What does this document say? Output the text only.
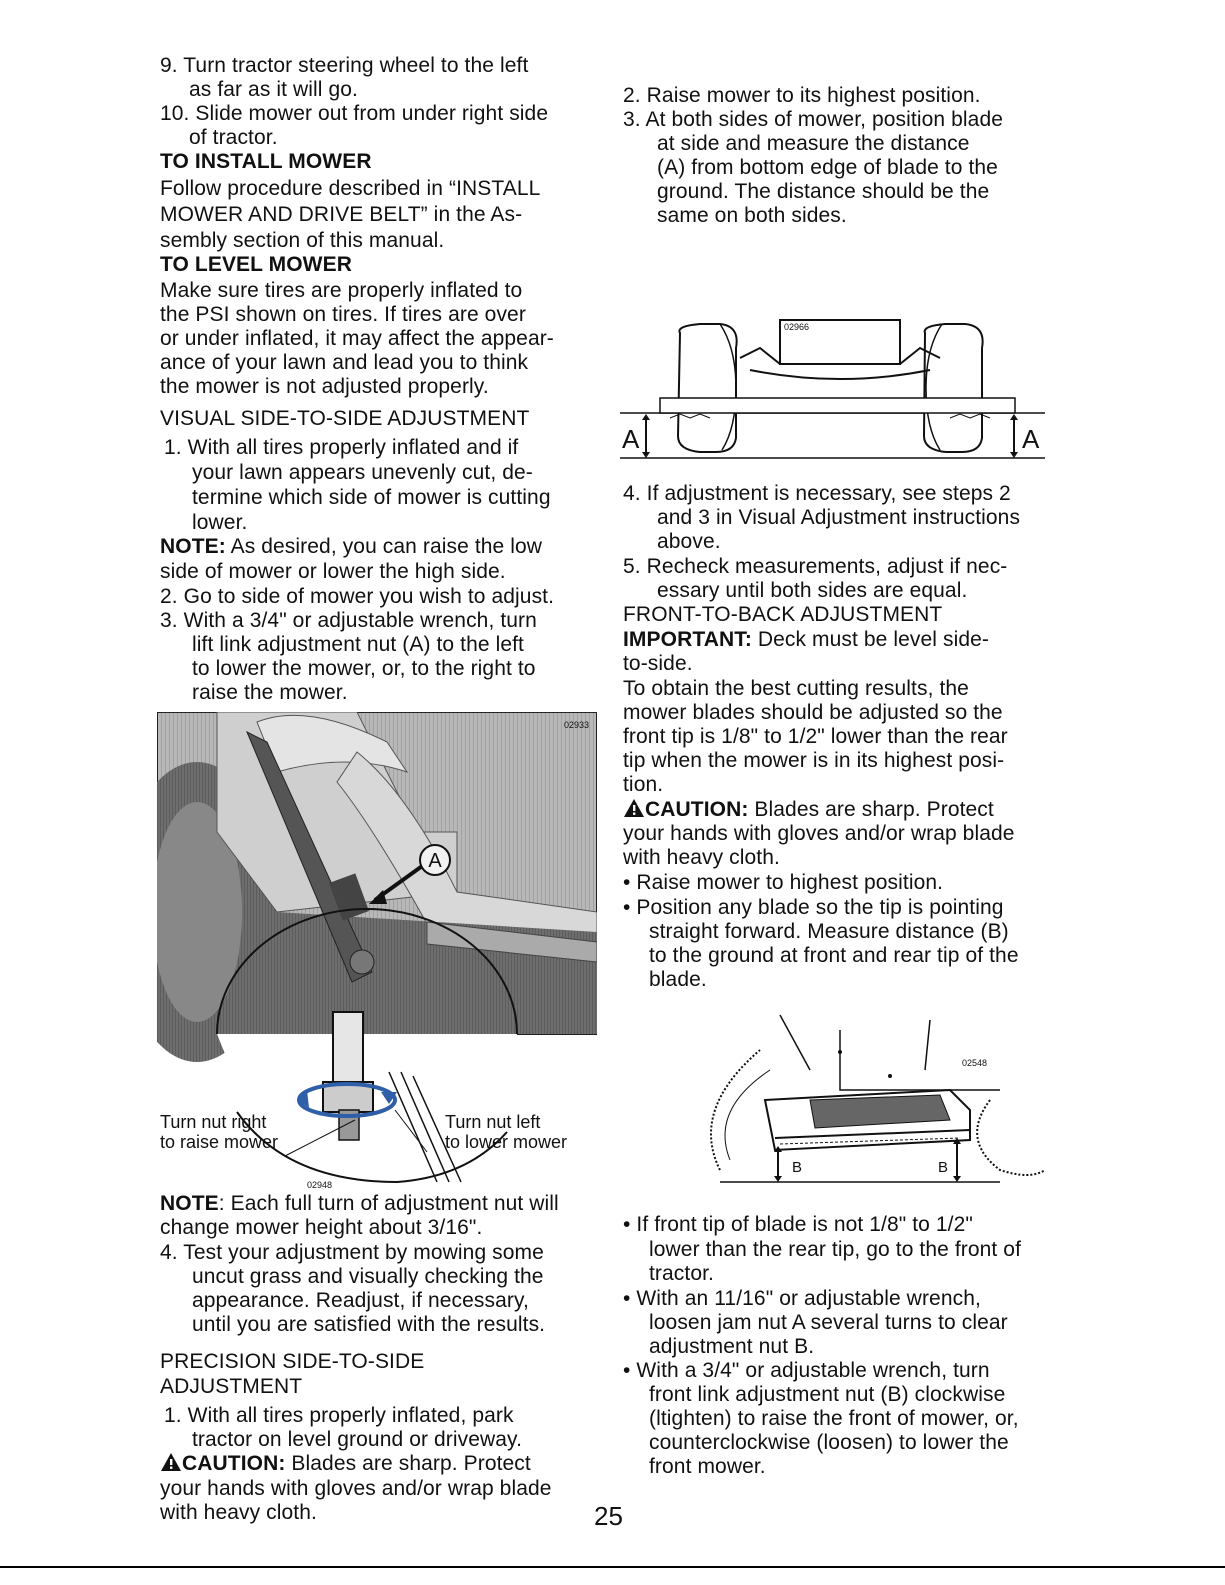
9. Turn tractor steering wheel to the left
as far as it will go.
10. Slide mower out from under right side
of tractor.
TO INSTALL MOWER
Follow procedure described in “INSTALL
MOWER AND DRIVE BELT” in the As-
sembly section of this manual.
TO LEVEL MOWER
Make sure tires are properly inflated to
the PSI shown on tires. If tires are over
or under inflated, it may affect the appear-
ance of your lawn and lead you to think
the mower is not adjusted properly.
VISUAL SIDE-TO-SIDE ADJUSTMENT
1. With all tires properly inflated and if
your lawn appears unevenly cut, de-
termine which side of mower is cutting
lower.
NOTE: As desired, you can raise the low
side of mower or lower the high side.
2. Go to side of mower you wish to adjust.
3. With a 3/4" or adjustable wrench, turn
lift link adjustment nut (A) to the left
to lower the mower, or, to the right to
raise the mower.
A
02933
02948
Turn nut right
to raise mower
Turn nut left
to lower mower
NOTE: Each full turn of adjustment nut will
change mower height about 3/16".
4. Test your adjustment by mowing some
uncut grass and visually checking the
appearance. Readjust, if necessary,
until you are satisfied with the results.
PRECISION SIDE-TO-SIDE
ADJUSTMENT
1. With all tires properly inflated, park
tractor on level ground or driveway.
CAUTION: Blades are sharp. Protect
your hands with gloves and/or wrap blade
with heavy cloth.
2. Raise mower to its highest position.
3. At both sides of mower, position blade
at side and measure the distance
(A) from bottom edge of blade to the
ground. The distance should be the
same on both sides.
02966
A	A
4. If adjustment is necessary, see steps 2
and 3 in Visual Adjustment instructions
above.
5. Recheck measurements, adjust if nec-
essary until both sides are equal.
FRONT-TO-BACK ADJUSTMENT
IMPORTANT: Deck must be level side-
to-side.
To obtain the best cutting results, the
mower blades should be adjusted so the
front tip is 1/8" to 1/2" lower than the rear
tip when the mower is in its highest posi-
tion.
CAUTION: Blades are sharp. Protect
your hands with gloves and/or wrap blade
with heavy cloth.
• Raise mower to highest position.
• Position any blade so the tip is pointing
straight forward. Measure distance (B)
to the ground at front and rear tip of the
blade.
02548
B	B
• If front tip of blade is not 1/8" to 1/2"
lower than the rear tip, go to the front of
tractor.
• With an 11/16" or adjustable wrench,
loosen jam nut A several turns to clear
adjustment nut B.
• With a 3/4" or adjustable wrench, turn
front link adjustment nut (B) clockwise
(ltighten) to raise the front of mower, or,
counterclockwise (loosen) to lower the
front mower.
25
